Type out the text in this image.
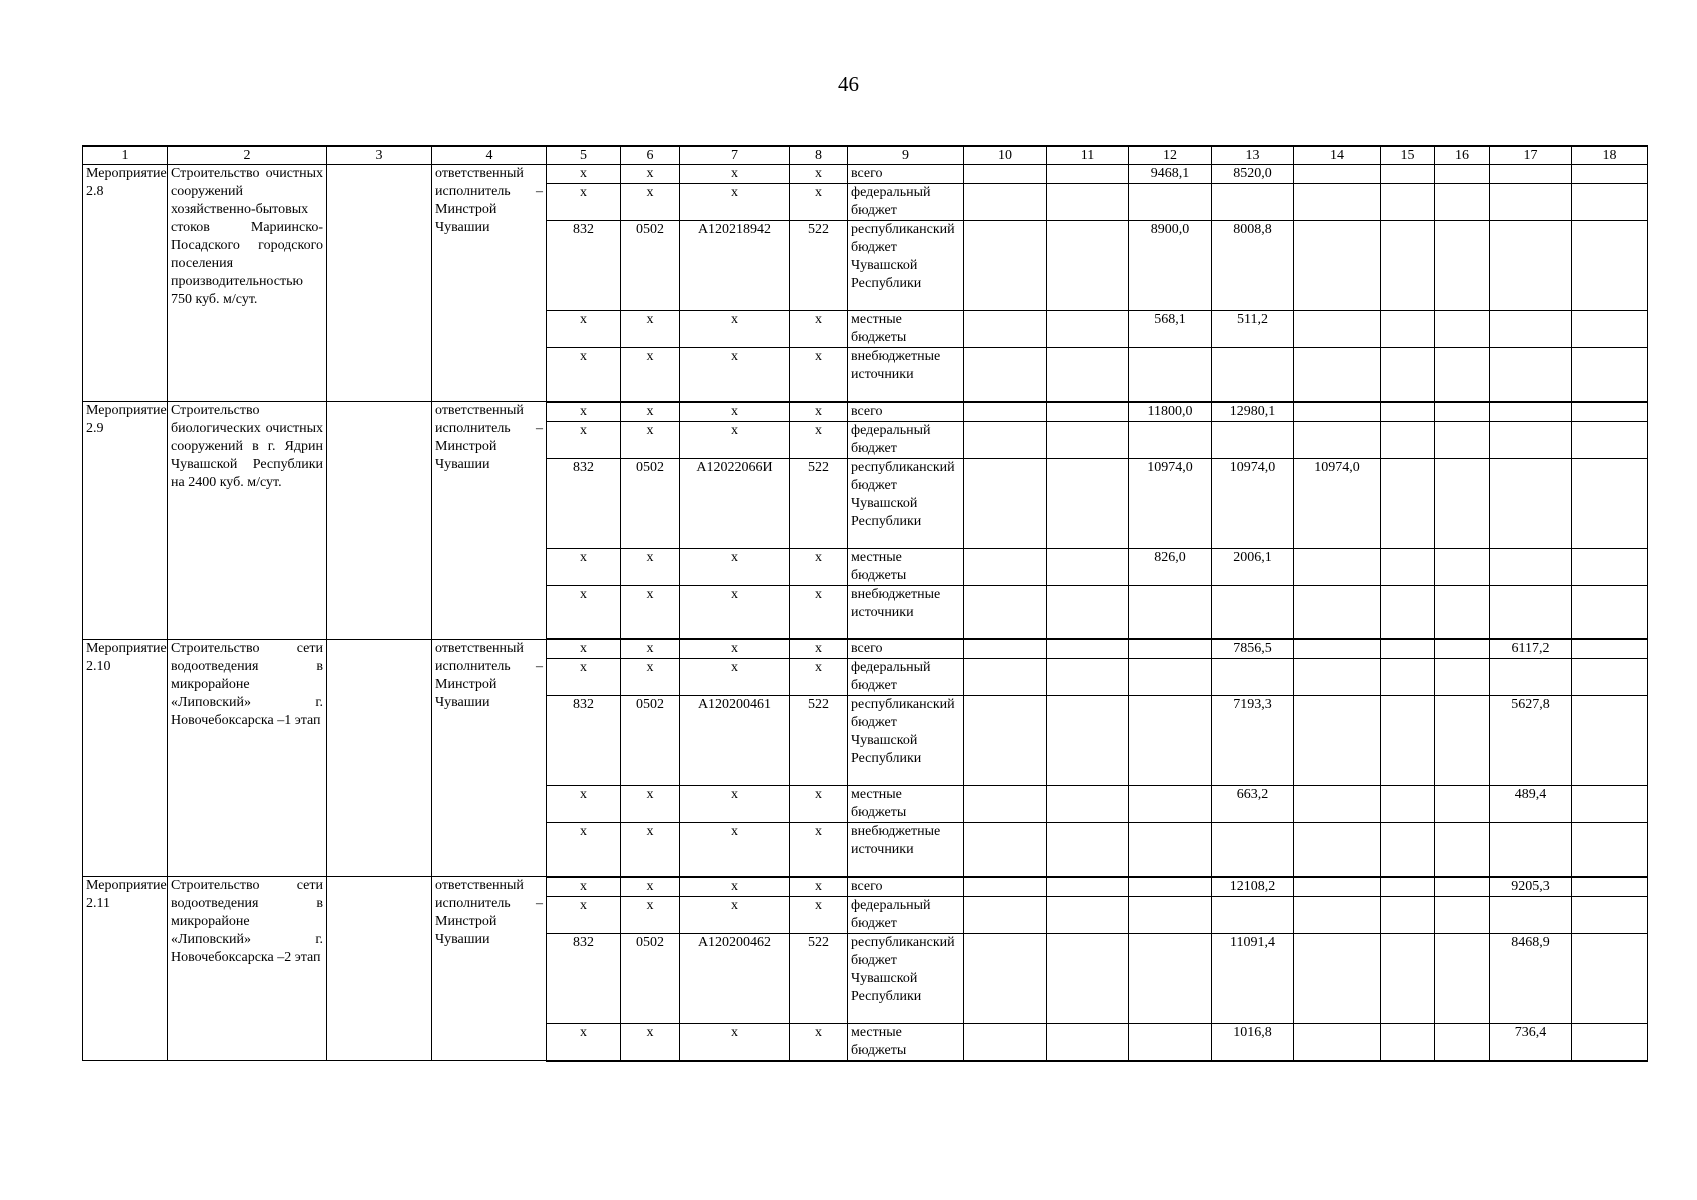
46
1	2	3	4	5	6	7	8	9	10	11	12	13	14	15	16	17	18
Мероприятие 2.8	Строительство очистных сооружений хозяйственно-бытовых стоков Мариинско-Посадского городского поселения производительностью 750 куб. м/сут.		ответственный исполнитель – Минстрой Чувашии	х	х	х	х	всего			9468,1	8520,0					
				х	х	х	х	федеральный бюджет									
				832	0502	А120218942	522	республиканский бюджет Чувашской Республики			8900,0	8008,8					
				х	х	х	х	местные бюджеты			568,1	511,2					
				х	х	х	х	внебюджетные источники									
Мероприятие 2.9	Строительство биологических очистных сооружений в г. Ядрин Чувашской Республики на 2400 куб. м/сут.		ответственный исполнитель – Минстрой Чувашии	х	х	х	х	всего			11800,0	12980,1					
				х	х	х	х	федеральный бюджет									
				832	0502	А12022066И	522	республиканский бюджет Чувашской Республики			10974,0	10974,0	10974,0				
				х	х	х	х	местные бюджеты			826,0	2006,1					
				х	х	х	х	внебюджетные источники									
Мероприятие 2.10	Строительство сети водоотведения в микрорайоне «Липовский» г. Новочебоксарска –1 этап		ответственный исполнитель – Минстрой Чувашии	х	х	х	х	всего				7856,5				6117,2	
				х	х	х	х	федеральный бюджет									
				832	0502	А120200461	522	республиканский бюджет Чувашской Республики				7193,3				5627,8	
				х	х	х	х	местные бюджеты				663,2				489,4	
				х	х	х	х	внебюджетные источники									
Мероприятие 2.11	Строительство сети водоотведения в микрорайоне «Липовский» г. Новочебоксарска –2 этап		ответственный исполнитель – Минстрой Чувашии	х	х	х	х	всего				12108,2				9205,3	
				х	х	х	х	федеральный бюджет									
				832	0502	А120200462	522	республиканский бюджет Чувашской Республики				11091,4				8468,9	
				х	х	х	х	местные бюджеты				1016,8				736,4	
